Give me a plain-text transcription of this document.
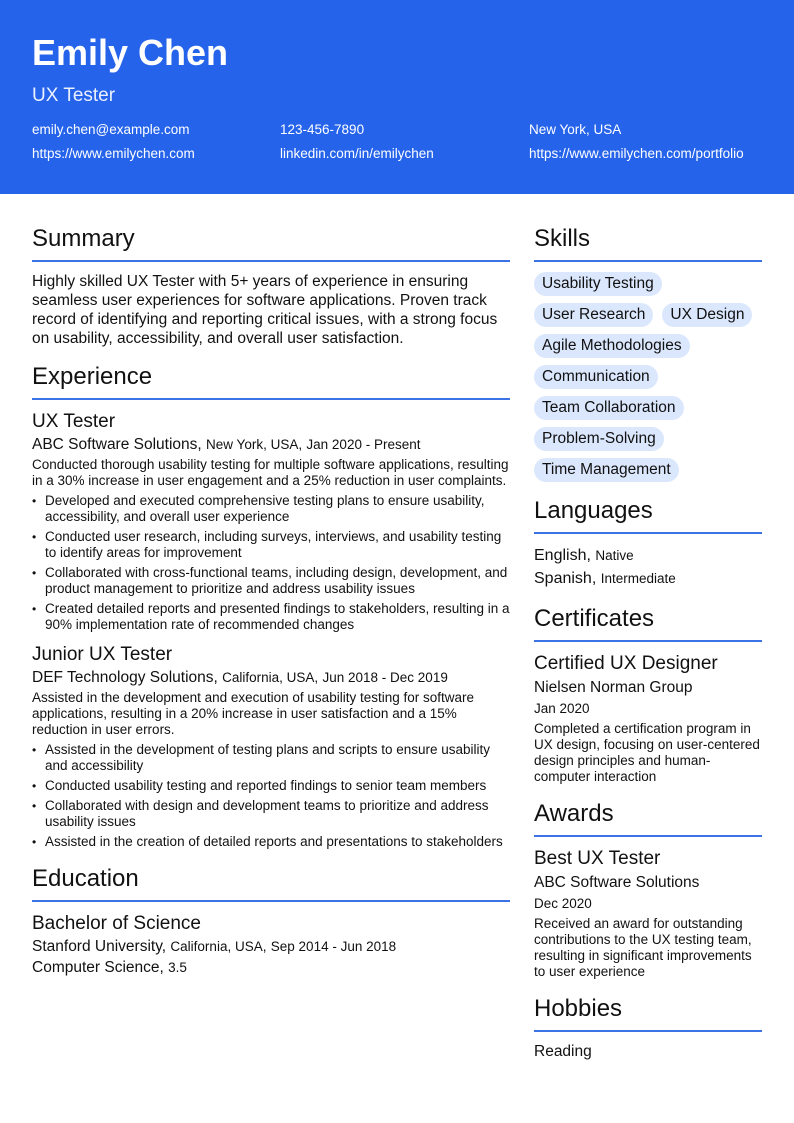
Emily Chen
UX Tester
emily.chen@example.com	123-456-7890	New York, USA
https://www.emilychen.com	linkedin.com/in/emilychen	https://www.emilychen.com/portfolio
Summary
Highly skilled UX Tester with 5+ years of experience in ensuring seamless user experiences for software applications. Proven track record of identifying and reporting critical issues, with a strong focus on usability, accessibility, and overall user satisfaction.
Experience
UX Tester
ABC Software Solutions, New York, USA, Jan 2020 - Present
Conducted thorough usability testing for multiple software applications, resulting in a 30% increase in user engagement and a 25% reduction in user complaints.
• Developed and executed comprehensive testing plans to ensure usability, accessibility, and overall user experience
• Conducted user research, including surveys, interviews, and usability testing to identify areas for improvement
• Collaborated with cross-functional teams, including design, development, and product management to prioritize and address usability issues
• Created detailed reports and presented findings to stakeholders, resulting in a 90% implementation rate of recommended changes
Junior UX Tester
DEF Technology Solutions, California, USA, Jun 2018 - Dec 2019
Assisted in the development and execution of usability testing for software applications, resulting in a 20% increase in user satisfaction and a 15% reduction in user errors.
• Assisted in the development of testing plans and scripts to ensure usability and accessibility
• Conducted usability testing and reported findings to senior team members
• Collaborated with design and development teams to prioritize and address usability issues
• Assisted in the creation of detailed reports and presentations to stakeholders
Education
Bachelor of Science
Stanford University, California, USA, Sep 2014 - Jun 2018
Computer Science, 3.5
Skills
Usability Testing
User Research	UX Design
Agile Methodologies
Communication
Team Collaboration
Problem-Solving
Time Management
Languages
English, Native
Spanish, Intermediate
Certificates
Certified UX Designer
Nielsen Norman Group
Jan 2020
Completed a certification program in UX design, focusing on user-centered design principles and human-computer interaction
Awards
Best UX Tester
ABC Software Solutions
Dec 2020
Received an award for outstanding contributions to the UX testing team, resulting in significant improvements to user experience
Hobbies
Reading
